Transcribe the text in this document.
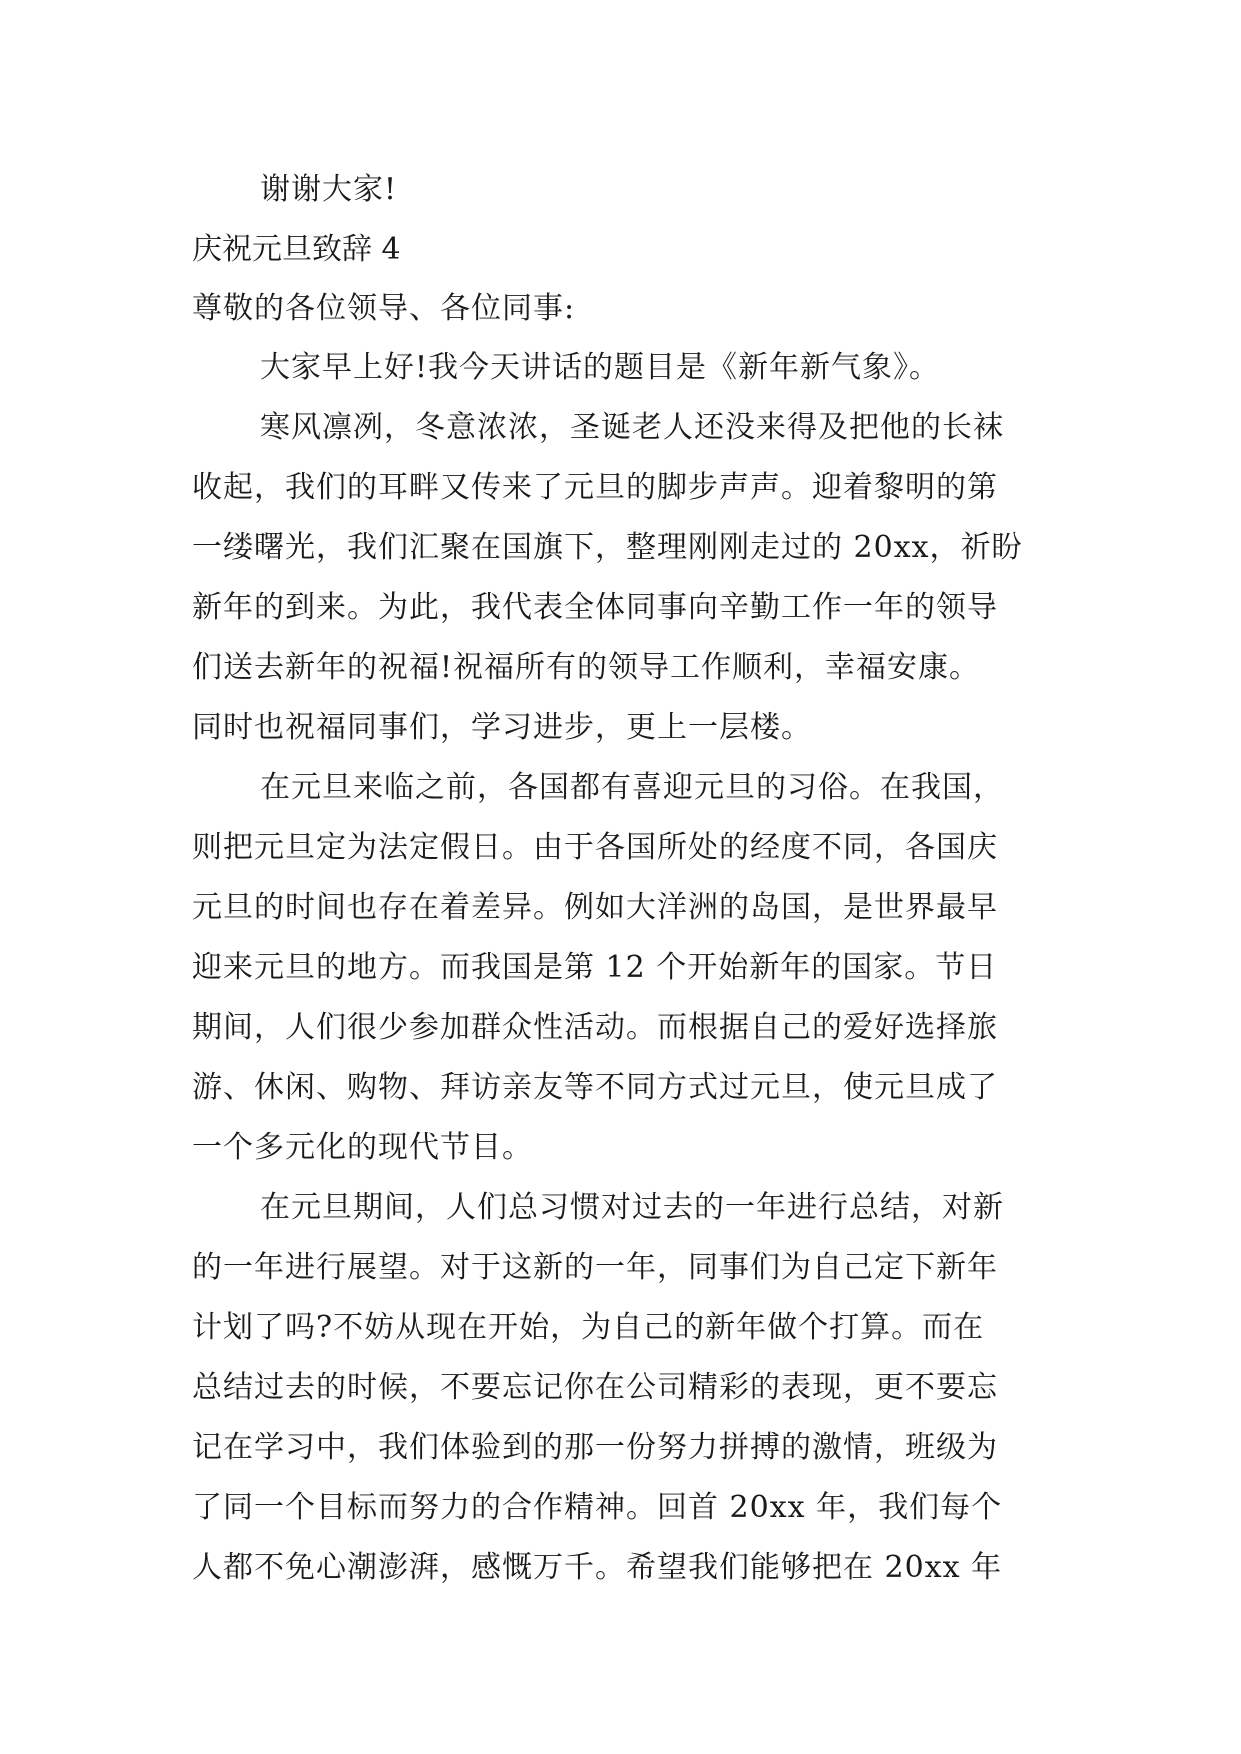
谢谢大家!
庆祝元旦致辞 4
尊敬的各位领导、各位同事:
大家早上好!我今天讲话的题目是《新年新气象》。
寒风凛冽，冬意浓浓，圣诞老人还没来得及把他的长袜
收起，我们的耳畔又传来了元旦的脚步声声。迎着黎明的第
一缕曙光，我们汇聚在国旗下，整理刚刚走过的 20xx，祈盼
新年的到来。为此，我代表全体同事向辛勤工作一年的领导
们送去新年的祝福!祝福所有的领导工作顺利，幸福安康。
同时也祝福同事们，学习进步，更上一层楼。
在元旦来临之前，各国都有喜迎元旦的习俗。在我国，
则把元旦定为法定假日。由于各国所处的经度不同，各国庆
元旦的时间也存在着差异。例如大洋洲的岛国，是世界最早
迎来元旦的地方。而我国是第 12 个开始新年的国家。节日
期间，人们很少参加群众性活动。而根据自己的爱好选择旅
游、休闲、购物、拜访亲友等不同方式过元旦，使元旦成了
一个多元化的现代节目。
在元旦期间，人们总习惯对过去的一年进行总结，对新
的一年进行展望。对于这新的一年，同事们为自己定下新年
计划了吗?不妨从现在开始，为自己的新年做个打算。而在
总结过去的时候，不要忘记你在公司精彩的表现，更不要忘
记在学习中，我们体验到的那一份努力拼搏的激情，班级为
了同一个目标而努力的合作精神。回首 20xx 年，我们每个
人都不免心潮澎湃，感慨万千。希望我们能够把在 20xx 年
